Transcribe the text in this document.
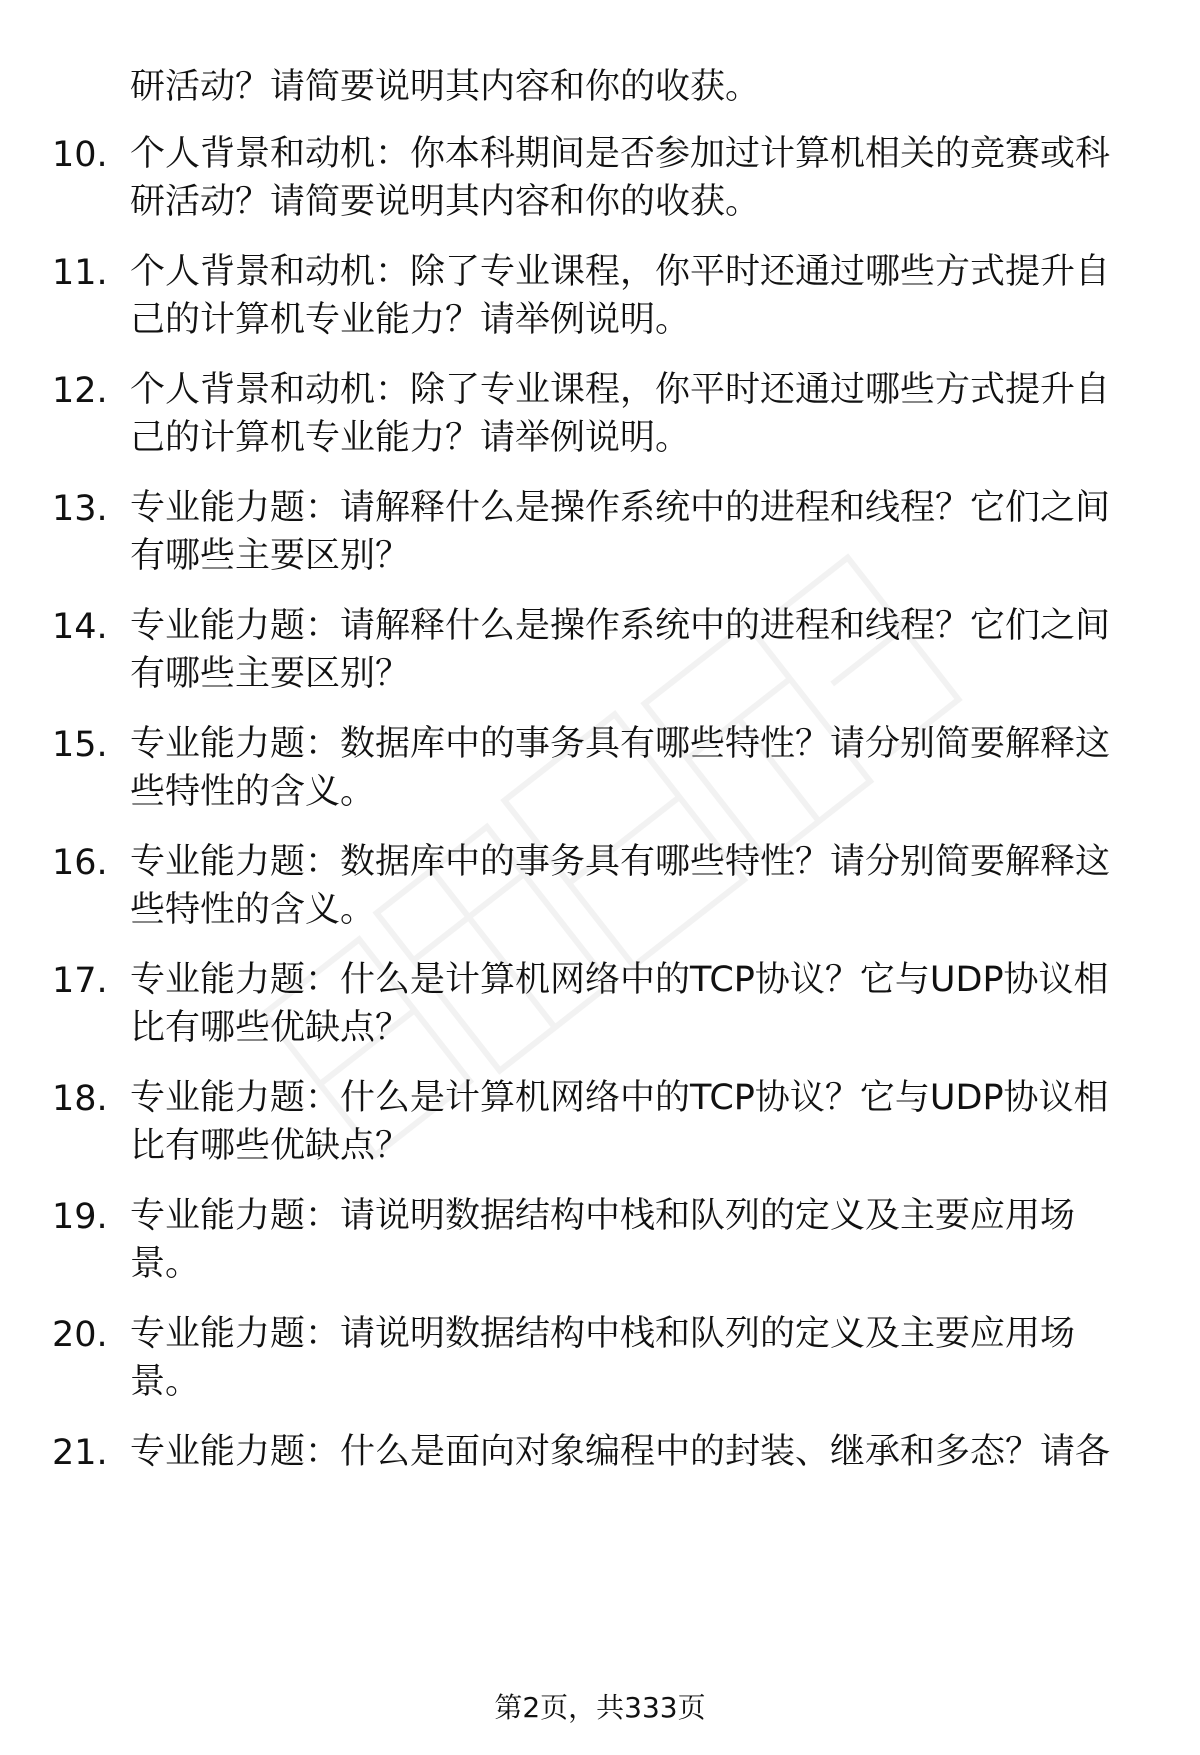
研活动？请简要说明其内容和你的收获。
10. 个人背景和动机：你本科期间是否参加过计算机相关的竞赛或科研活动？请简要说明其内容和你的收获。
11. 个人背景和动机：除了专业课程，你平时还通过哪些方式提升自己的计算机专业能力？请举例说明。
12. 个人背景和动机：除了专业课程，你平时还通过哪些方式提升自己的计算机专业能力？请举例说明。
13. 专业能力题：请解释什么是操作系统中的进程和线程？它们之间有哪些主要区别？
14. 专业能力题：请解释什么是操作系统中的进程和线程？它们之间有哪些主要区别？
15. 专业能力题：数据库中的事务具有哪些特性？请分别简要解释这些特性的含义。
16. 专业能力题：数据库中的事务具有哪些特性？请分别简要解释这些特性的含义。
17. 专业能力题：什么是计算机网络中的TCP协议？它与UDP协议相比有哪些优缺点？
18. 专业能力题：什么是计算机网络中的TCP协议？它与UDP协议相比有哪些优缺点？
19. 专业能力题：请说明数据结构中栈和队列的定义及主要应用场景。
20. 专业能力题：请说明数据结构中栈和队列的定义及主要应用场景。
21. 专业能力题：什么是面向对象编程中的封装、继承和多态？请各
第2页，共333页
